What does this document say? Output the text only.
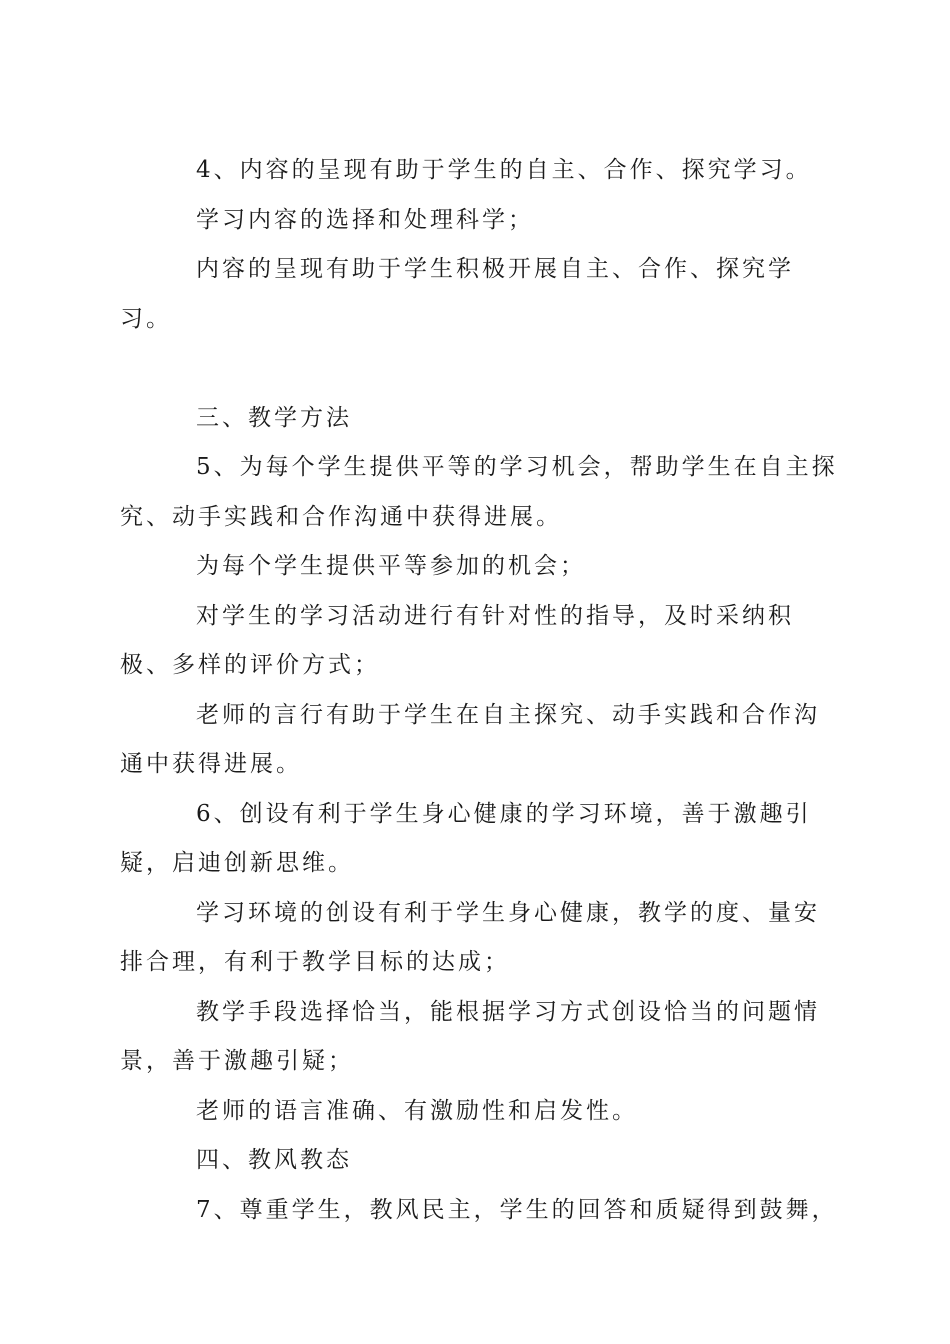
4、内容的呈现有助于学生的自主、合作、探究学习。

学习内容的选择和处理科学；

内容的呈现有助于学生积极开展自主、合作、探究学习。

三、教学方法

5、为每个学生提供平等的学习机会，帮助学生在自主探究、动手实践和合作沟通中获得进展。

为每个学生提供平等参加的机会；

对学生的学习活动进行有针对性的指导，及时采纳积极、多样的评价方式；

老师的言行有助于学生在自主探究、动手实践和合作沟通中获得进展。

6、创设有利于学生身心健康的学习环境，善于激趣引疑，启迪创新思维。

学习环境的创设有利于学生身心健康，教学的度、量安排合理，有利于教学目标的达成；

教学手段选择恰当，能根据学习方式创设恰当的问题情景，善于激趣引疑；

老师的语言准确、有激励性和启发性。

四、教风教态

7、尊重学生，教风民主，学生的回答和质疑得到鼓舞，
